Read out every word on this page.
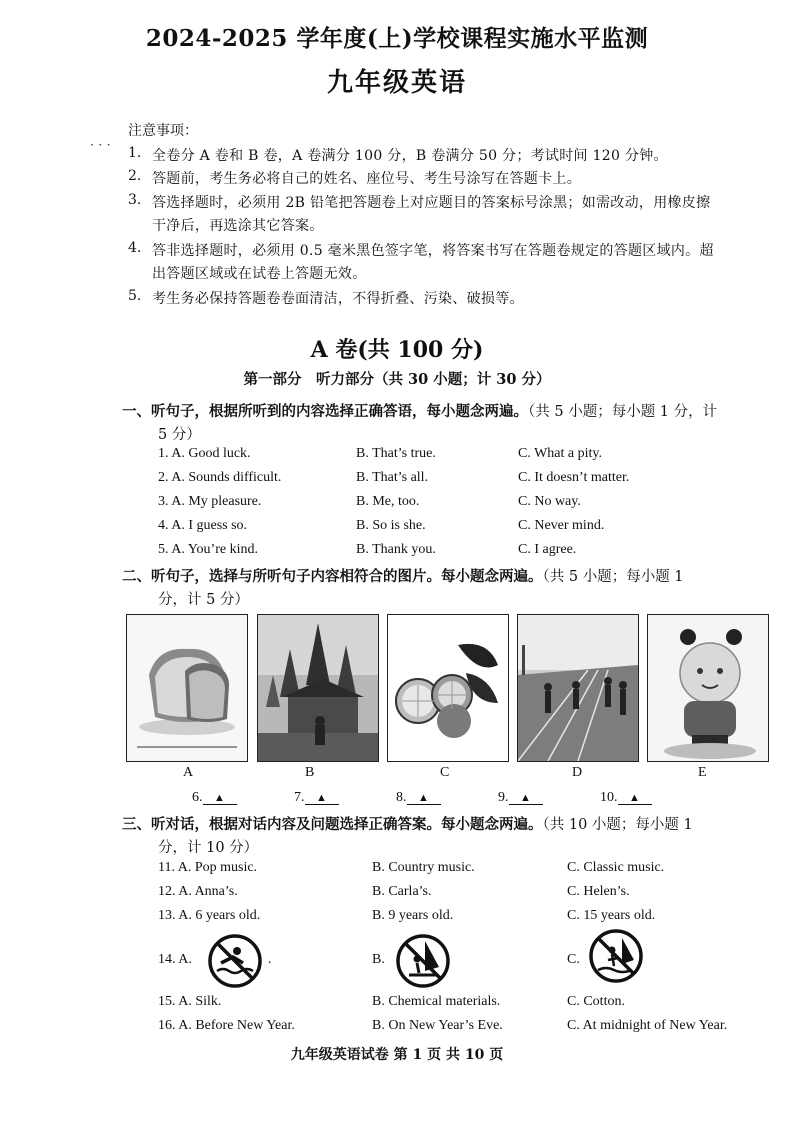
2024-2025 学年度(上)学校课程实施水平监测
九年级英语
· · ·
注意事项：
1. 全卷分 A 卷和 B 卷，A 卷满分 100 分，B 卷满分 50 分；考试时间 120 分钟。
2. 答题前，考生务必将自己的姓名、座位号、考生号涂写在答题卡上。
3. 答选择题时，必须用 2B 铅笔把答题卷上对应题目的答案标号涂黑；如需改动，用橡皮擦
干净后，再选涂其它答案。
4. 答非选择题时，必须用 0.5 毫米黑色签字笔，将答案书写在答题卷规定的答题区域内。超
出答题区域或在试卷上答题无效。
5. 考生务必保持答题卷卷面清洁，不得折叠、污染、破损等。
A 卷(共 100 分)
第一部分　听力部分（共 30 小题；计 30 分）
一、听句子，根据所听到的内容选择正确答语，每小题念两遍。（共 5 小题；每小题 1 分，计
5 分）
1. A. Good luck.	B. That’s true.	C. What a pity.
2. A. Sounds difficult.	B. That’s all.	C. It doesn’t matter.
3. A. My pleasure.	B. Me, too.	C. No way.
4. A. I guess so.	B. So is she.	C. Never mind.
5. A. You’re kind.	B. Thank you.	C. I agree.
二、听句子，选择与所听句子内容相符合的图片。每小题念两遍。（共 5 小题；每小题 1
分，计 5 分）
A	B	C	D	E
6. ▲	7. ▲	8. ▲	9. ▲	10. ▲
三、听对话，根据对话内容及问题选择正确答案。每小题念两遍。（共 10 小题；每小题 1
分，计 10 分）
11. A. Pop music.	B. Country music.	C. Classic music.
12. A. Anna’s.	B. Carla’s.	C. Helen’s.
13. A. 6 years old.	B. 9 years old.	C. 15 years old.
14. A.	.	B.	C.
15. A. Silk.	B. Chemical materials.	C. Cotton.
16. A. Before New Year.	B. On New Year’s Eve.	C. At midnight of New Year.
九年级英语试卷 第 1 页 共 10 页
